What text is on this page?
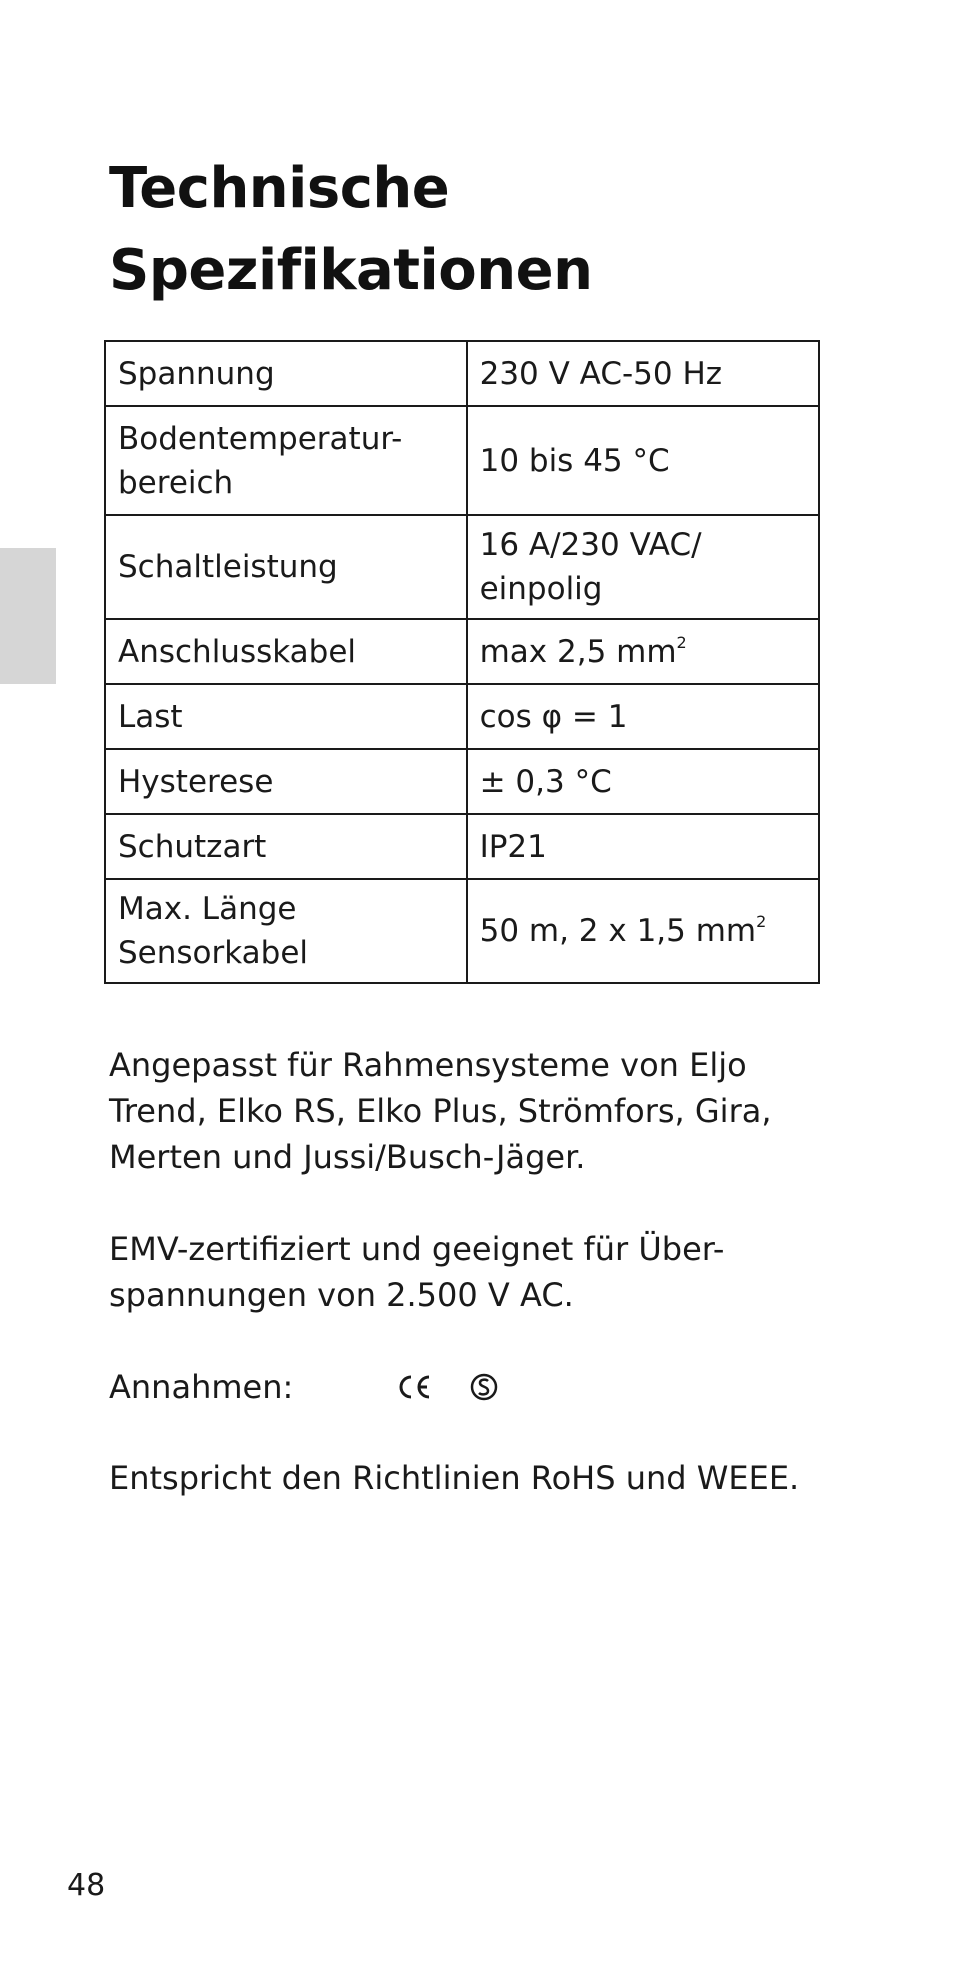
Technische
Spezifikationen
Spannung	230 V AC-50 Hz

Bodentemperatur-
bereich	10 bis 45 °C
Schaltleistung	16 A/230 VAC/
einpolig

Anschlusskabel	max 2,5 $mm^2$
Last	cos φ = 1
Hysterese	± 0,3 °C
Schutzart	IP21

Max. Länge
Sensorkabel	50 m, 2 x 1,5 $mm^2$

Angepasst für Rahmensysteme von Eljo
Trend, Elko RS, Elko Plus, Strömfors, Gira,
Merten und Jussi/Busch-Jäger.

EMV-zertifiziert und geeignet für Über-
spannungen von 2.500 V AC.

Annahmen:

Entspricht den Richtlinien RoHS und WEEE.

48
